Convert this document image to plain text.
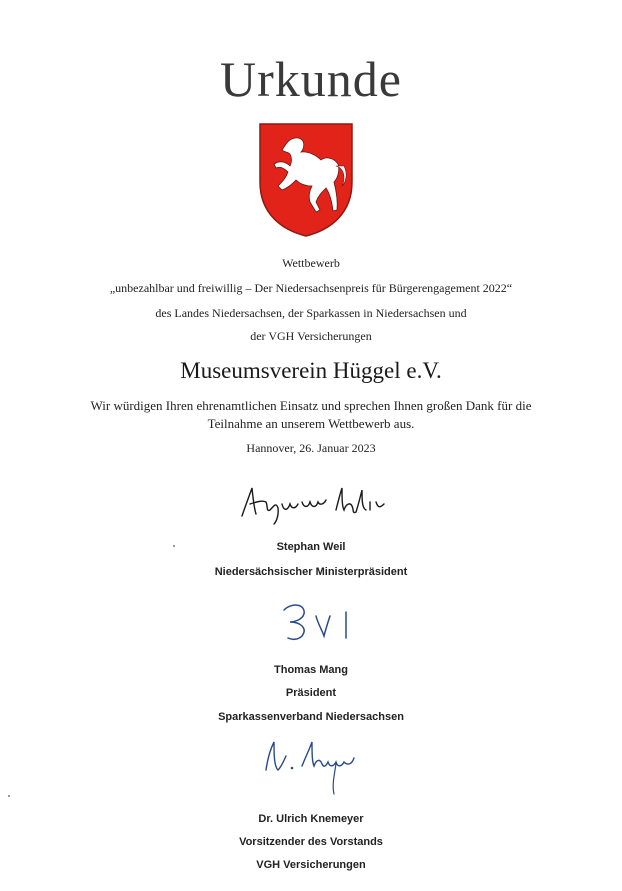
Urkunde
Wettbewerb
„unbezahlbar und freiwillig – Der Niedersachsenpreis für Bürgerengagement 2022“
des Landes Niedersachsen, der Sparkassen in Niedersachsen und
der VGH Versicherungen
Museumsverein Hüggel e.V.
Wir würdigen Ihren ehrenamtlichen Einsatz und sprechen Ihnen großen Dank für die
Teilnahme an unserem Wettbewerb aus.
Hannover, 26. Januar 2023
Stephan Weil
Niedersächsischer Ministerpräsident
Thomas Mang
Präsident
Sparkassenverband Niedersachsen
Dr. Ulrich Knemeyer
Vorsitzender des Vorstands
VGH Versicherungen
